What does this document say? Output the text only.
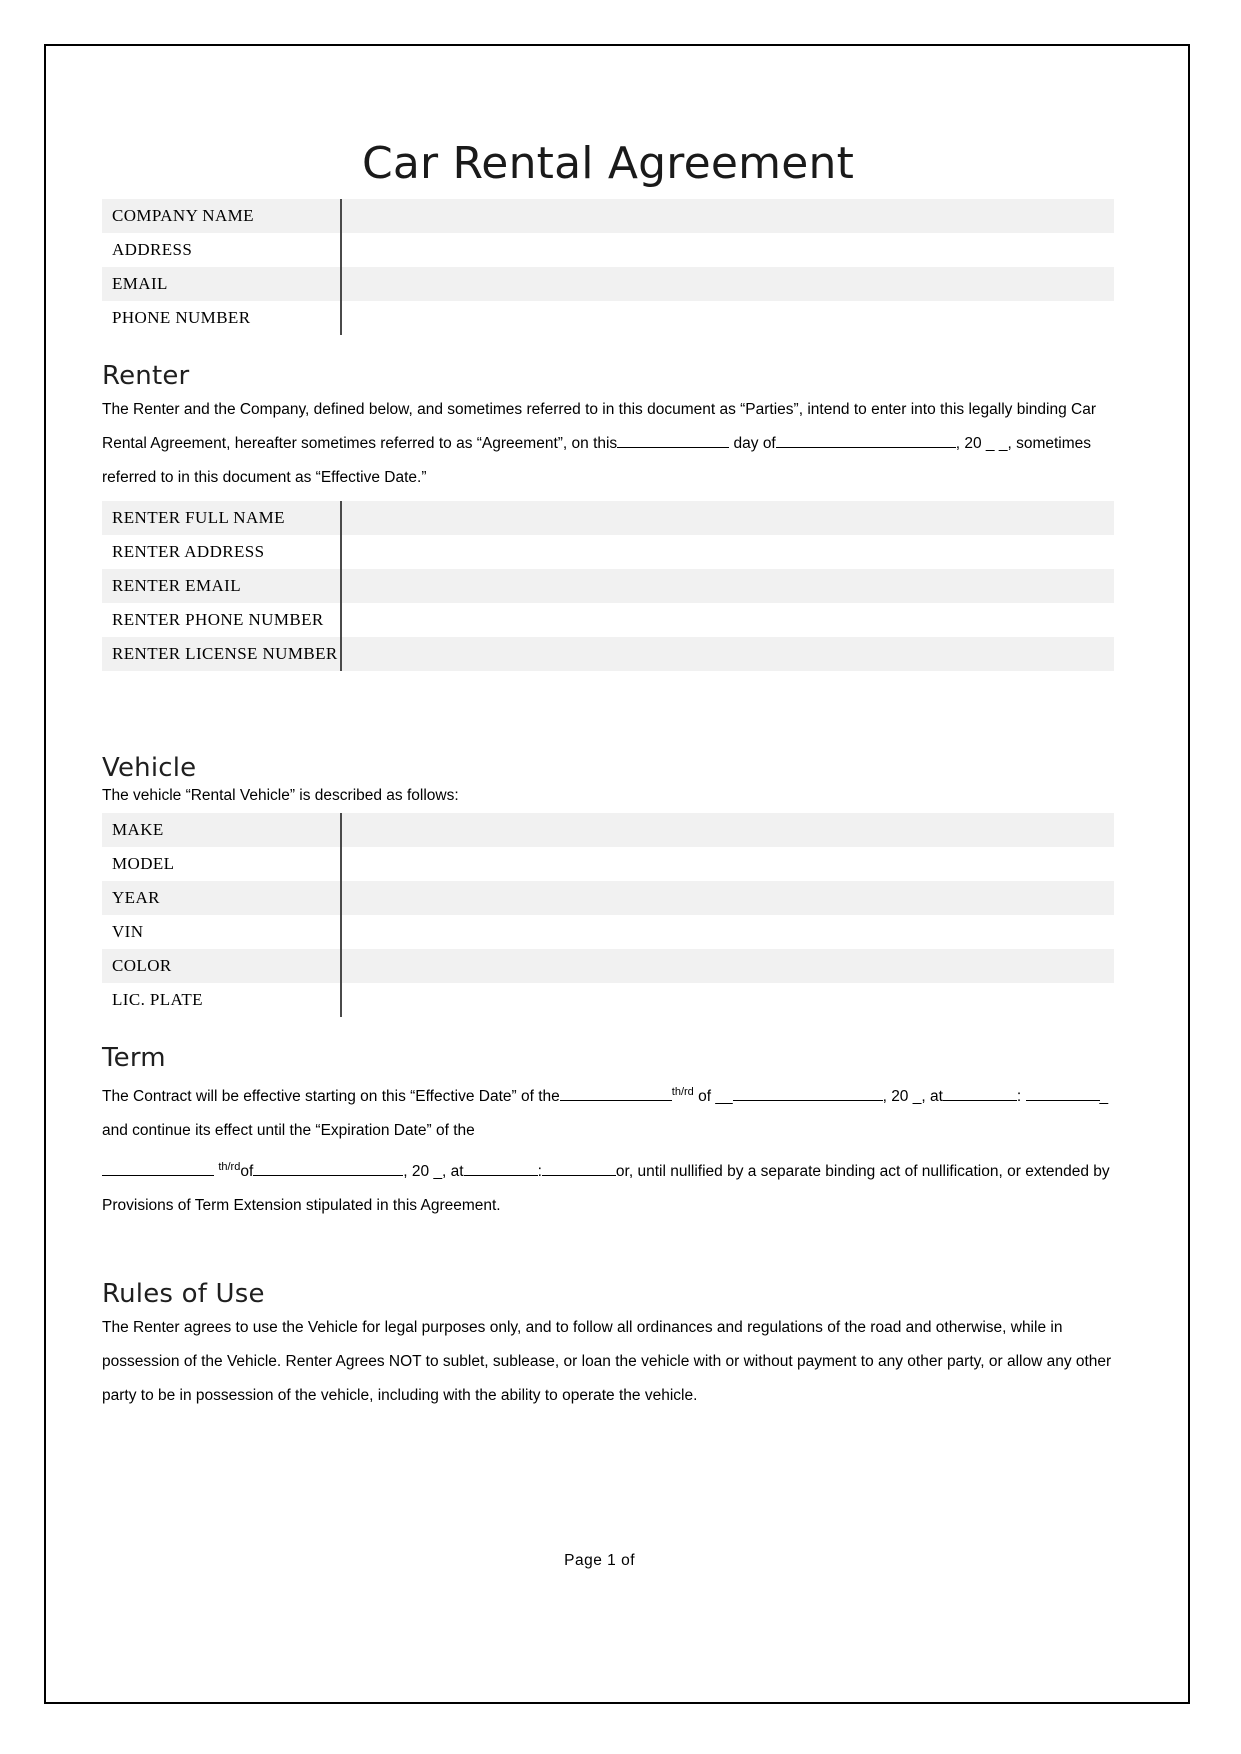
Car Rental Agreement
COMPANY NAME	
ADDRESS	
EMAIL	
PHONE NUMBER	
Renter

The Renter and the Company, defined below, and sometimes referred to in this document as “Parties”, intend to enter into this legally binding Car Rental Agreement, hereafter sometimes referred to as “Agreement”, on this	day of	, 20 _ _, sometimes referred to in this document as “Effective Date.”

RENTER FULL NAME	
RENTER ADDRESS	
RENTER EMAIL	
RENTER PHONE NUMBER	
RENTER LICENSE NUMBER	
Vehicle

The vehicle “Rental Vehicle” is described as follows:

MAKE	
MODEL	
YEAR	
VIN	
COLOR	
LIC. PLATE	
Term

The Contract will be effective starting on this “Effective Date” of the	$^{th/rd}$ of __	, 20 _, at	:	_ and continue its effect until the “Expiration Date” of the

$^{th/rd}$of	, 20 _, at	:	or, until nullified by a separate binding act of nullification, or extended by Provisions of Term Extension stipulated in this Agreement.

Rules of Use

The Renter agrees to use the Vehicle for legal purposes only, and to follow all ordinances and regulations of the road and otherwise, while in possession of the Vehicle. Renter Agrees NOT to sublet, sublease, or loan the vehicle with or without payment to any other party, or allow any other party to be in possession of the vehicle, including with the ability to operate the vehicle.

Page 1 of
